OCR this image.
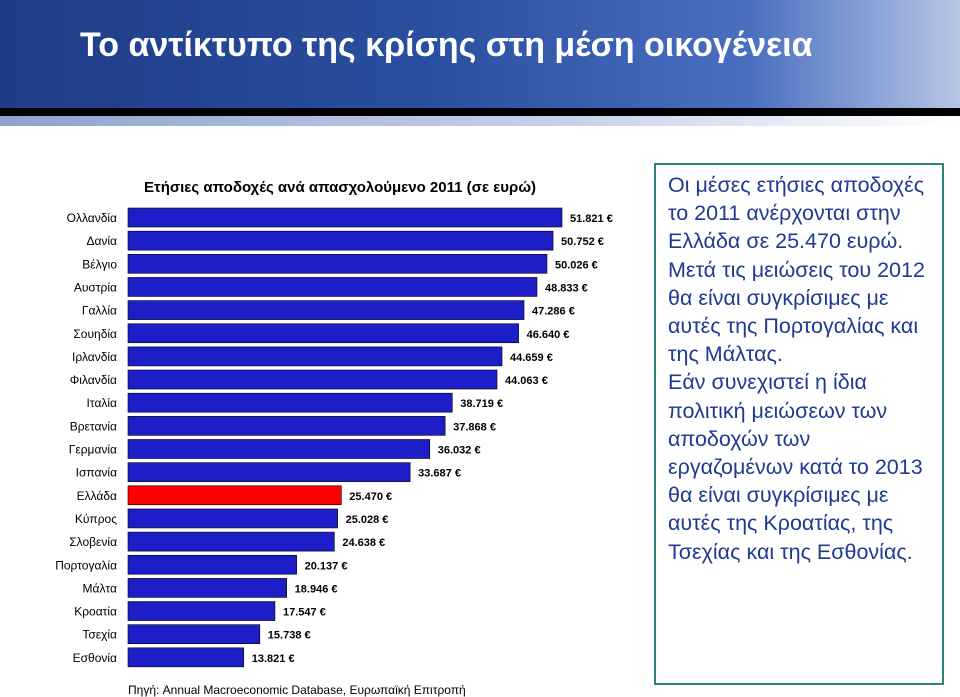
Το αντίκτυπο της κρίσης στη μέση οικογένεια
Ετήσιες αποδοχές ανά απασχολούμενο 2011 (σε ευρώ)
Ολλανδία	51.821 €
Δανία	50.752 €
Βέλγιο	50.026 €
Αυστρία	48.833 €
Γαλλία	47.286 €
Σουηδία	46.640 €
Ιρλανδία	44.659 €
Φιλανδία	44.063 €
Ιταλία	38.719 €
Βρετανία	37.868 €
Γερμανία	36.032 €
Ισπανία	33.687 €
Ελλάδα	25.470 €
Κύπρος	25.028 €
Σλοβενία	24.638 €
Πορτογαλία	20.137 €
Μάλτα	18.946 €
Κροατία	17.547 €
Τσεχία	15.738 €
Εσθονία	13.821 €
Πηγή: Annual Macroeconomic Database, Ευρωπαϊκή Επιτροπή

Οι μέσες ετήσιες αποδοχές το 2011 ανέρχονται στην Ελλάδα σε 25.470 ευρώ. Μετά τις μειώσεις του 2012 θα είναι συγκρίσιμες με αυτές της Πορτογαλίας και της Μάλτας.

Εάν συνεχιστεί η ίδια πολιτική μειώσεων των αποδοχών των εργαζομένων κατά το 2013 θα είναι συγκρίσιμες με αυτές της Κροατίας, της Τσεχίας και της Εσθονίας.
